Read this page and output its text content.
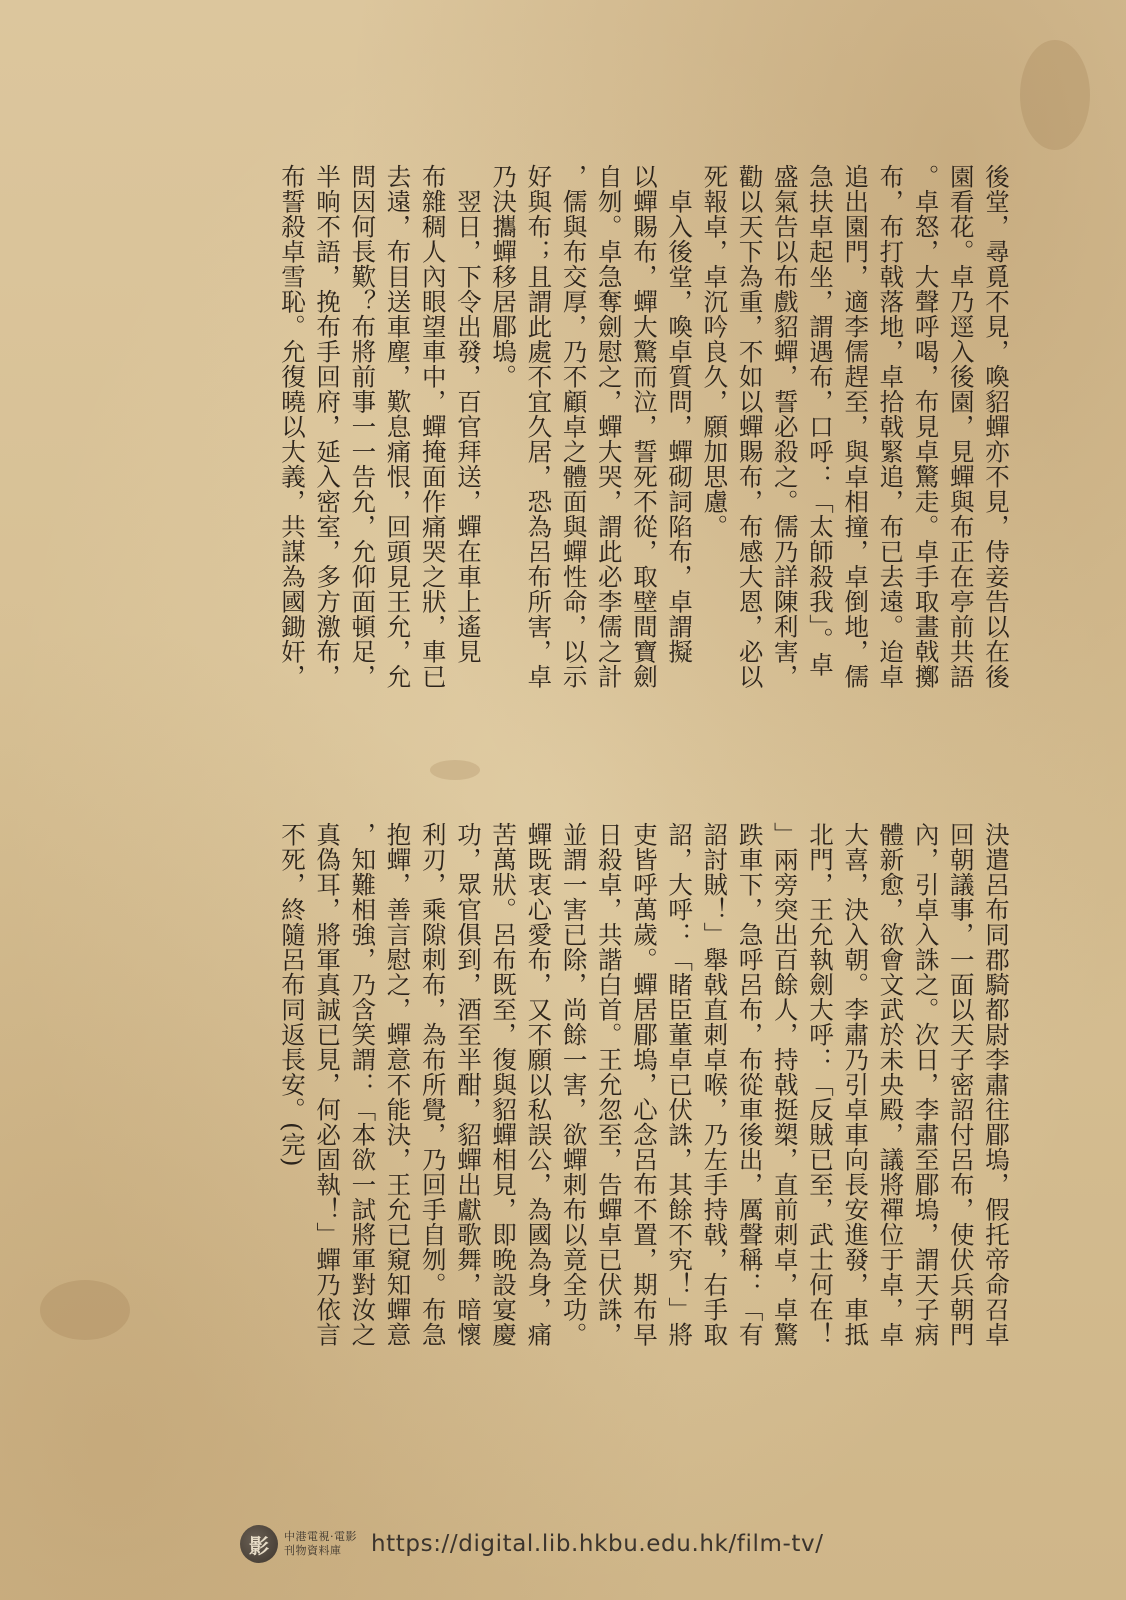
後堂，尋覓不見，喚貂蟬亦不見，侍妾告以在後
園看花。卓乃逕入後園，見蟬與布正在亭前共語
。卓怒，大聲呼喝，布見卓驚走。卓手取畫戟擲
布，布打戟落地，卓拾戟緊追，布已去遠。迨卓
追出園門，適李儒趕至，與卓相撞，卓倒地，儒
急扶卓起坐，謂遇布，口呼：「太師殺我」。卓
盛氣告以布戲貂蟬，誓必殺之。儒乃詳陳利害，
勸以天下為重，不如以蟬賜布，布感大恩，必以
死報卓，卓沉吟良久，願加思慮。
　卓入後堂，喚卓質問，蟬砌詞陷布，卓謂擬
以蟬賜布，蟬大驚而泣，誓死不從，取壁間寶劍
自刎。卓急奪劍慰之，蟬大哭，謂此必李儒之計
，儒與布交厚，乃不顧卓之體面與蟬性命，以示
好與布；且謂此處不宜久居，恐為呂布所害，卓
乃決攜蟬移居郿塢。
　翌日，下令出發，百官拜送，蟬在車上遙見
布雜稠人內眼望車中，蟬掩面作痛哭之狀，車已
去遠，布目送車塵，歎息痛恨，回頭見王允，允
問因何長歎？布將前事一一告允，允仰面頓足，
半晌不語，挽布手回府，延入密室，多方激布，
布誓殺卓雪恥。允復曉以大義，共謀為國鋤奸，
決遣呂布同郡騎都尉李肅往郿塢，假托帝命召卓
回朝議事，一面以天子密詔付呂布，使伏兵朝門
內，引卓入誅之。次日，李肅至郿塢，謂天子病
體新愈，欲會文武於未央殿，議將禪位于卓，卓
大喜，決入朝。李肅乃引卓車向長安進發，車抵
北門，王允執劍大呼：「反賊已至，武士何在！
」兩旁突出百餘人，持戟挺槊，直前刺卓，卓驚
跌車下，急呼呂布，布從車後出，厲聲稱：「有
詔討賊！」舉戟直刺卓喉，乃左手持戟，右手取
詔，大呼：「睹臣董卓已伏誅，其餘不究！」將
吏皆呼萬歲。蟬居郿塢，心念呂布不置，期布早
日殺卓，共諧白首。王允忽至，告蟬卓已伏誅，
並謂一害已除，尚餘一害，欲蟬刺布以竟全功。
蟬既衷心愛布，又不願以私誤公，為國為身，痛
苦萬狀。呂布既至，復與貂蟬相見，即晚設宴慶
功，眾官俱到，酒至半酣，貂蟬出獻歌舞，暗懷
利刃，乘隙刺布，為布所覺，乃回手自刎。布急
抱蟬，善言慰之，蟬意不能決，王允已窺知蟬意
，知難相強，乃含笑謂：「本欲一試將軍對汝之
真偽耳，將軍真誠已見，何必固執！」蟬乃依言
不死，終隨呂布同返長安。(完)
影 中港電視‧電影
刊物資料庫	https://digital.lib.hkbu.edu.hk/film-tv/
